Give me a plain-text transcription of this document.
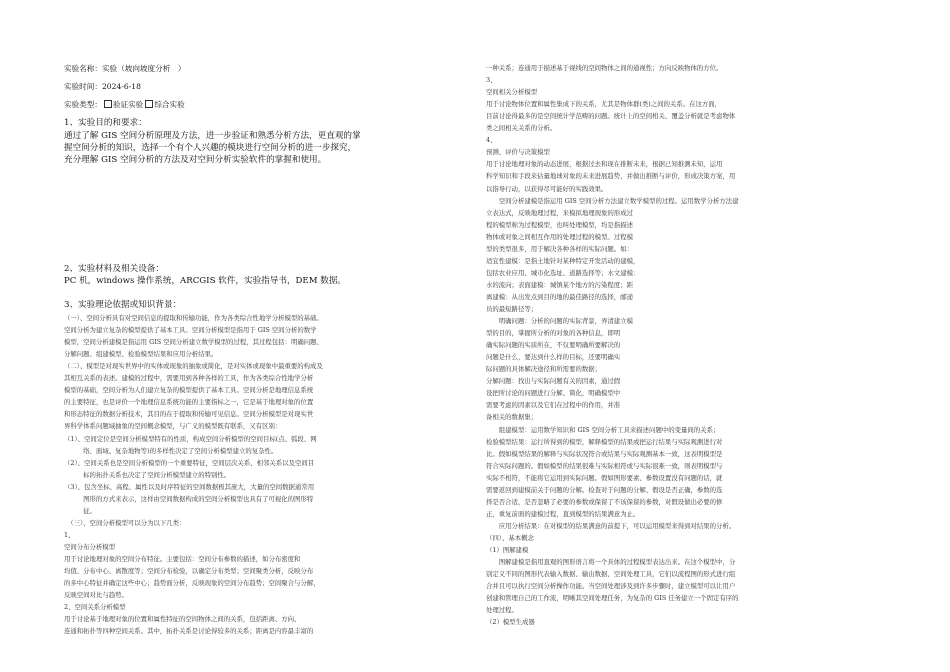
实验名称：实验（坡向坡度分析　）
实验时间：2024-6-18
实验类型： 验证实验 综合实验
1、实验目的和要求：
通过了解 GIS 空间分析原理及方法，进一步验证和熟悉分析方法，更直观的掌
握空间分析的知识，选择一个有个人兴趣的模块进行空间分析的进一步探究，
充分理解 GIS 空间分析的方法及对空间分析实验软件的掌握和使用。
2、实验材料及相关设备：
PC 机，windows 操作系统，ARCGIS 软件，实验指导书，DEM 数据。
3、实验理论依据或知识背景：
（一）、空间分析具有对空间信息的提取和传输功能，作为各类综合性地学分析模型的基础。
空间分析为建立复杂的模型提供了基本工具。空间分析模型是指用于 GIS 空间分析的数学
模型，空间分析建模是指运用 GIS 空间分析建立数学模型的过程，其过程包括：明确问题、
分解问题、组建模型、检验模型结果和应用分析结果。
（二）、模型是对现实世界中的实体或现象的抽象或简化，是对实体或现象中最重要的构成及
其相互关系的表述。建模的过程中，需要用到各种各样的工具，作为各类综合性地学分析
模型的基础，空间分析为人们建立复杂的模型提供了基本工具。空间分析是地理信息系统
的主要特征，也是评价一个地理信息系统功能的主要指标之一，它是基于地理对象的位置
和形态特征的数据分析技术，其目的在于提取和传输可见信息。空间分析模型是对现实世
界科学体系问题域抽象的空间概念模型，与广义的模型既有联系，又有区别：
（1）、空间定位是空间分析模型特有的性质，构成空间分析模型的空间目标(点、弧段、网
　　　络、面域、复杂地物等)的多样性决定了空间分析模型建立的复杂性。
（2）、空间关系也是空间分析模型的一个重要特征，空间层次关系、相邻关系以及空间目
　　　标的拓扑关系也决定了空间分析模型建立的特别性。
（3）、包含坐标、高程、属性以及时序特征的空间数据极其庞大，大量的空间数据通常用
　　　图形的方式来表示，这样由空间数据构成的空间分析模型也具有了可视化的图形特
　　　征。
　（三）、空间分析模型可以分为以下几类：
1、
空间分布分析模型
用于讨论地理对象的空间分布特征。主要包括：空间分布参数的描述，如分布密度和
均值、分布中心、离散度等；空间分布检验，以确定分布类型；空间聚类分析，反映分布
的多中心特征并确定这些中心；趋势面分析，反映现象的空间分布趋势；空间聚合与分解，
反映空间对比与趋势。
2、空间关系分析模型
用于讨论基于地理对象的位置和属性特征的空间物体之间的关系，包括距离、方向、
连通和拓扑等四种空间关系。其中，拓扑关系是讨论得较多的关系；距离是内容最丰富的
一种关系；连通用于描述基于视线的空间物体之间的通视性；方向反映物体的方位。
3、
空间相关分析模型
用于讨论物体位置和属性集成下的关系，尤其是物体群(类)之间的关系。在这方面，
目前讨论得最多的是空间统计学范畴的问题。统计上的空间相关、覆盖分析就是考虑物体
类之间相关关系的分析。
4、
预测、评价与决策模型
用于讨论地理对象的动态进展，根据过去和现在推断未来，根据已知推测未知，运用
科学知识和手段来估量地球对象的未来进展趋势，并做出推断与评价，形成决策方案，用
以指导行动，以获得尽可能好的实践效果。
　　空间分析建模是指运用 GIS 空间分析方法建立数学模型的过程。运用数学分析方法建
立表达式，反映地理过程，来模拟地理现象的形成过
程的模型称为过程模型，也叫处理模型，均是指描述
物体或对象之间相互作用的处理过程的模型。过程模
型的类型很多，用于解决各种各样的实际问题。如：
适宜性建模：是指土地针对某种特定开发活动的建模，
包括农业应用、城市化选址、道路选择等；水文建模：
水的流向；表面建模：城镇某个地方的污染程度；距
离建模：从出发点到目的地的最佳路径的选择，邮递
员的最短路径等；
　　明确问题：分析的问题的实际背景，弄清建立模
型的目的，掌握所分析的对象的各种信息，即明
确实际问题的实质所在，不仅要明确所要解决的
问题是什么，要达到什么样的目标，还要明确实
际问题的具体解决途径和所需要的数据；
分解问题：找出与实际问题有关的因素，通过假
设把所讨论的问题进行分解、简化，明确模型中
需要考虑的因素以及它们在过程中的作用，并准
备相关的数据集；
　　组建模型：运用数学知识和 GIS 空间分析工具来描述问题中的变量间的关系；
检验模型结果：运行所得到的模型，解释模型的结果或把运行结果与实际观测进行对
比。假如模型结果的解释与实际状况符合或结果与实际观测基本一致，这表明模型是
符合实际问题的。假如模型的结果很难与实际相符或与实际很难一致，则表明模型与
实际不相符，不能将它运用到实际问题。假如图形要素、参数设置没有问题的话，就
需要返回到建模前关于问题的分解。检查对于问题的分解、假设是否正确，参数的选
择是否合适，是否忽略了必要的参数或保留了不该保留的参数，对假设做出必要的修
正，重复前面的建模过程，直到模型的结果满意为止。
　　应用分析结果：在对模型的结果满意的前提下，可以运用模型来得到对结果的分析。
（四）、基本概念
（1）图解建模
　　图解建模是指用直观的图形语言将一个具体的过程模型表达出来。在这个模型中，分
别定义不同的图形代表输入数据、输出数据、空间处理工具，它们以流程图的形式进行组
合并且可以执行空间分析操作功能。当空间处理涉及到许多步骤时，建立模型可以让用户
创建和管理自己的工作流，明晰其空间处理任务，为复杂的 GIS 任务建立一个固定有序的
处理过程。
（2）模型生成器
